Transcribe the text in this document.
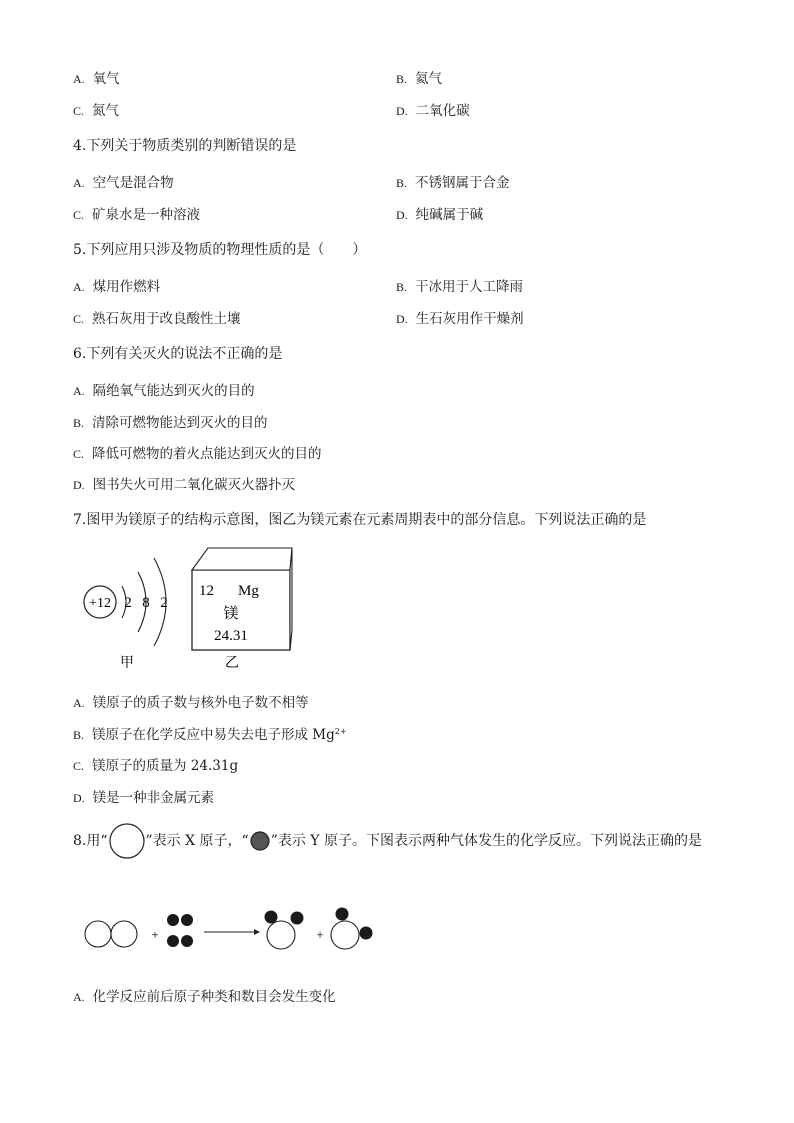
A. 氧气	B. 氦气
C. 氮气	D. 二氧化碳
4.下列关于物质类别的判断错误的是
A. 空气是混合物	B. 不锈钢属于合金
C. 矿泉水是一种溶液	D. 纯碱属于碱
5.下列应用只涉及物质的物理性质的是（　　）
A. 煤用作燃料	B. 干冰用于人工降雨
C. 熟石灰用于改良酸性土壤	D. 生石灰用作干燥剂
6.下列有关灭火的说法不正确的是
A. 隔绝氧气能达到灭火的目的
B. 清除可燃物能达到灭火的目的
C. 降低可燃物的着火点能达到灭火的目的
D. 图书失火可用二氧化碳灭火器扑灭
7.图甲为镁原子的结构示意图，图乙为镁元素在元素周期表中的部分信息。下列说法正确的是
+12 2 8 2
甲
12 Mg
镁
24.31
乙
A. 镁原子的质子数与核外电子数不相等
B. 镁原子在化学反应中易失去电子形成 $Mg^{2+}$
C. 镁原子的质量为 24.31g
D. 镁是一种非金属元素
8.用“	”表示 X 原子，“ ”表示 Y 原子。下图表示两种气体发生的化学反应。下列说法正确的是
+	+
A. 化学反应前后原子种类和数目会发生变化
